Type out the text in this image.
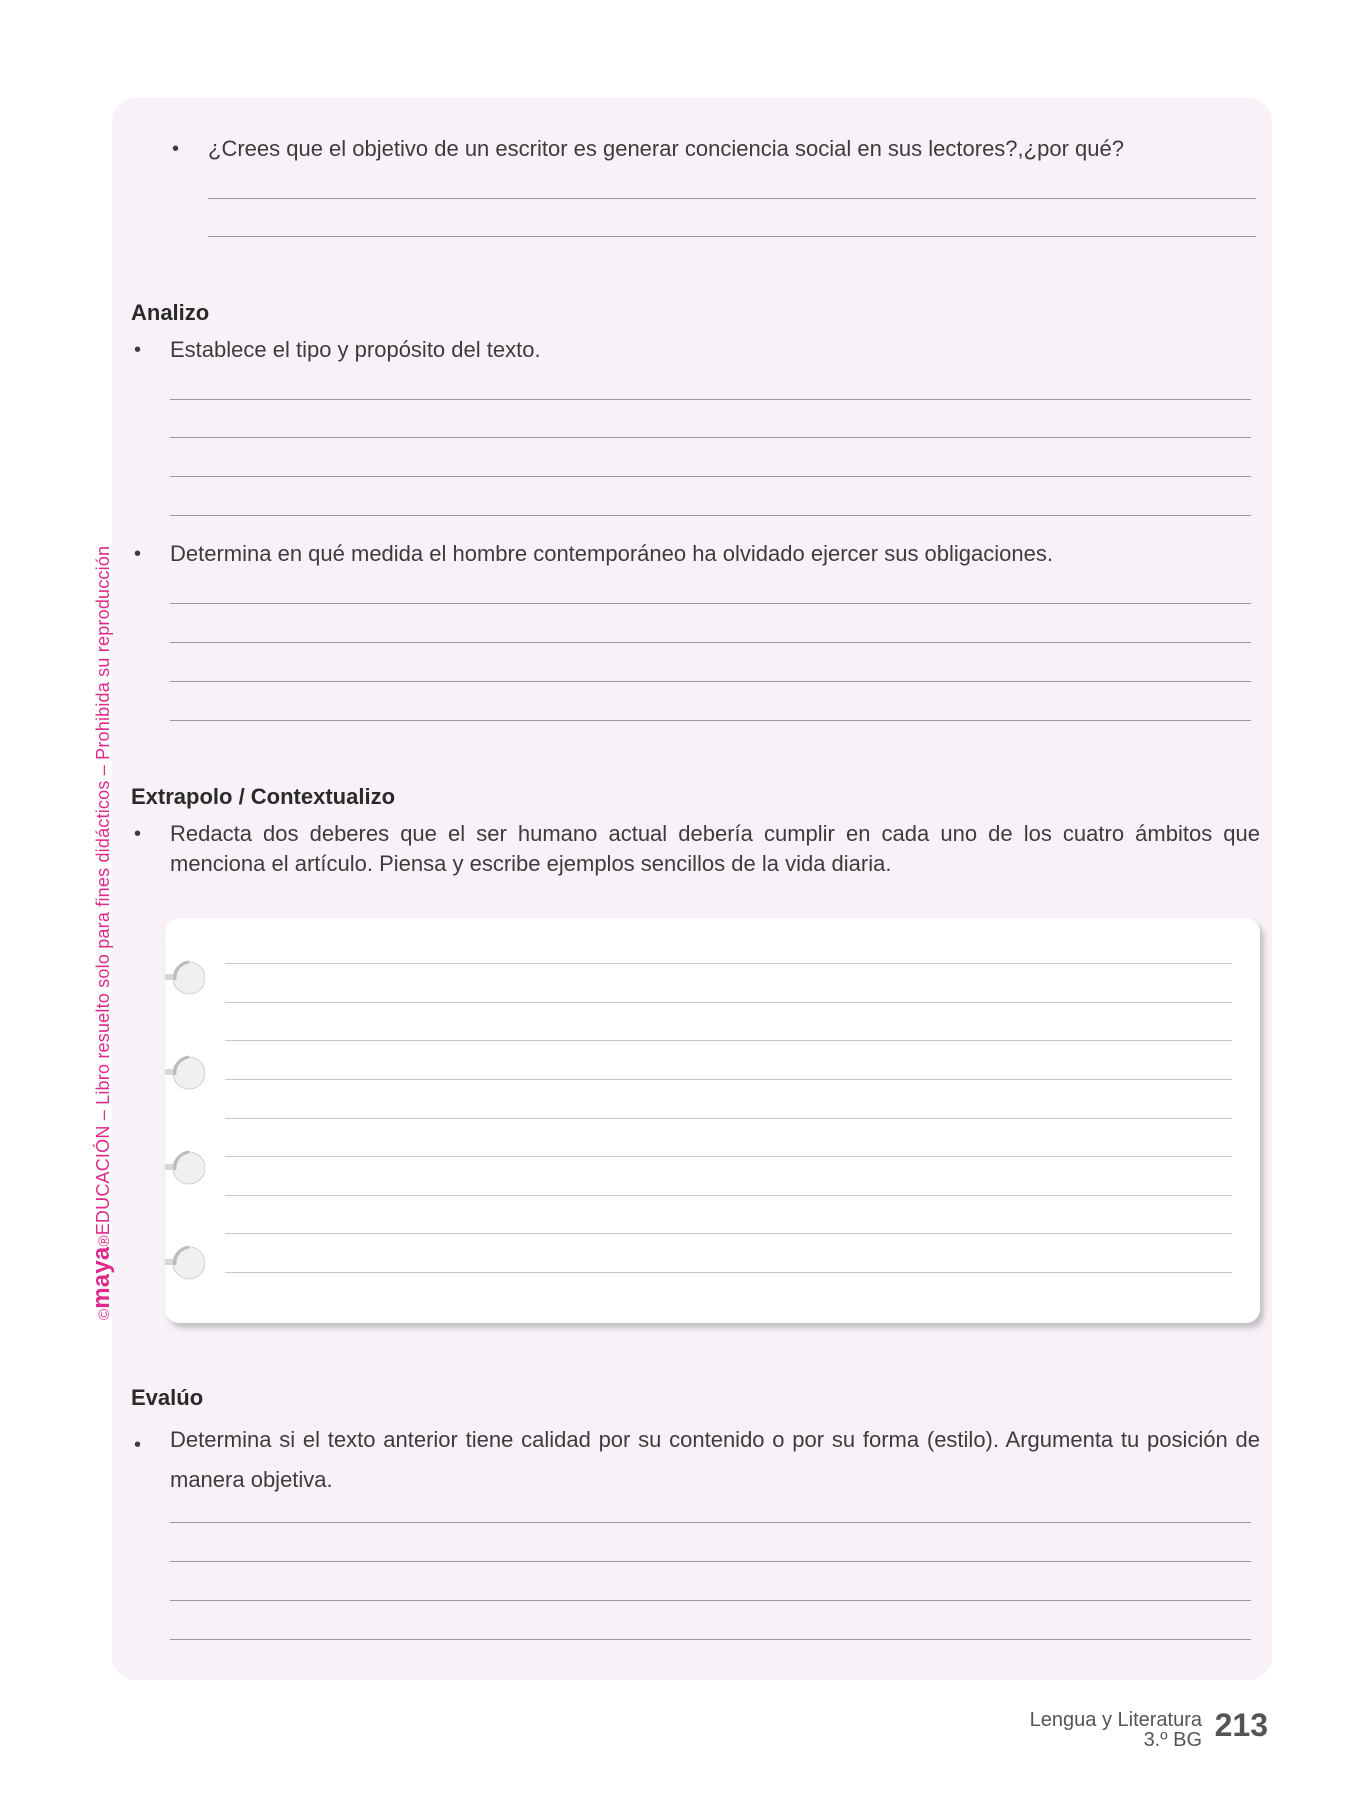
©maya®EDUCACIÓN – Libro resuelto solo para fines didácticos – Prohibida su reproducción
• ¿Crees que el objetivo de un escritor es generar conciencia social en sus lectores?,¿por qué?
Analizo
• Establece el tipo y propósito del texto.
• Determina en qué medida el hombre contemporáneo ha olvidado ejercer sus obligaciones.
Extrapolo / Contextualizo
• Redacta dos deberes que el ser humano actual debería cumplir en cada uno de los cuatro ámbitos que menciona el artículo. Piensa y escribe ejemplos sencillos de la vida diaria.
Evalúo
• Determina si el texto anterior tiene calidad por su contenido o por su forma (estilo). Argumenta tu posición de manera objetiva.
Lengua y Literatura
3.º BG 213
